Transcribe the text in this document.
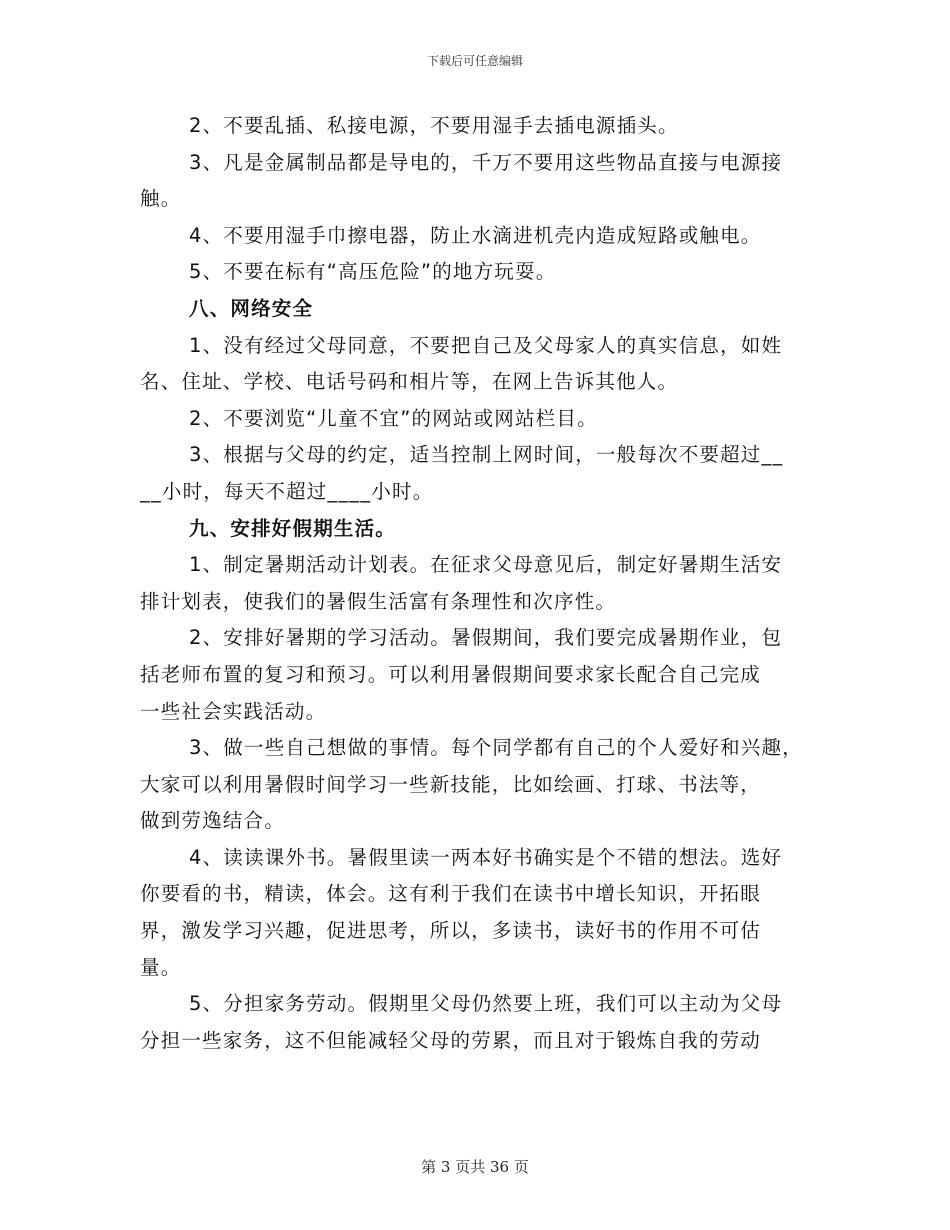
下载后可任意编辑
2、不要乱插、私接电源，不要用湿手去插电源插头。
3、凡是金属制品都是导电的，千万不要用这些物品直接与电源接
触。
4、不要用湿手巾擦电器，防止水滴进机壳内造成短路或触电。
5、不要在标有“高压危险”的地方玩耍。
八、网络安全
1、没有经过父母同意，不要把自己及父母家人的真实信息，如姓
名、住址、学校、电话号码和相片等，在网上告诉其他人。
2、不要浏览“儿童不宜”的网站或网站栏目。
3、根据与父母的约定，适当控制上网时间，一般每次不要超过__
__小时，每天不超过____小时。
九、安排好假期生活。
1、制定暑期活动计划表。在征求父母意见后，制定好暑期生活安
排计划表，使我们的暑假生活富有条理性和次序性。
2、安排好暑期的学习活动。暑假期间，我们要完成暑期作业，包
括老师布置的复习和预习。可以利用暑假期间要求家长配合自己完成
一些社会实践活动。
3、做一些自己想做的事情。每个同学都有自己的个人爱好和兴趣，
大家可以利用暑假时间学习一些新技能，比如绘画、打球、书法等，
做到劳逸结合。
4、读读课外书。暑假里读一两本好书确实是个不错的想法。选好
你要看的书，精读，体会。这有利于我们在读书中增长知识，开拓眼
界，激发学习兴趣，促进思考，所以，多读书，读好书的作用不可估
量。
5、分担家务劳动。假期里父母仍然要上班，我们可以主动为父母
分担一些家务，这不但能减轻父母的劳累，而且对于锻炼自我的劳动
第 3 页共 36 页
